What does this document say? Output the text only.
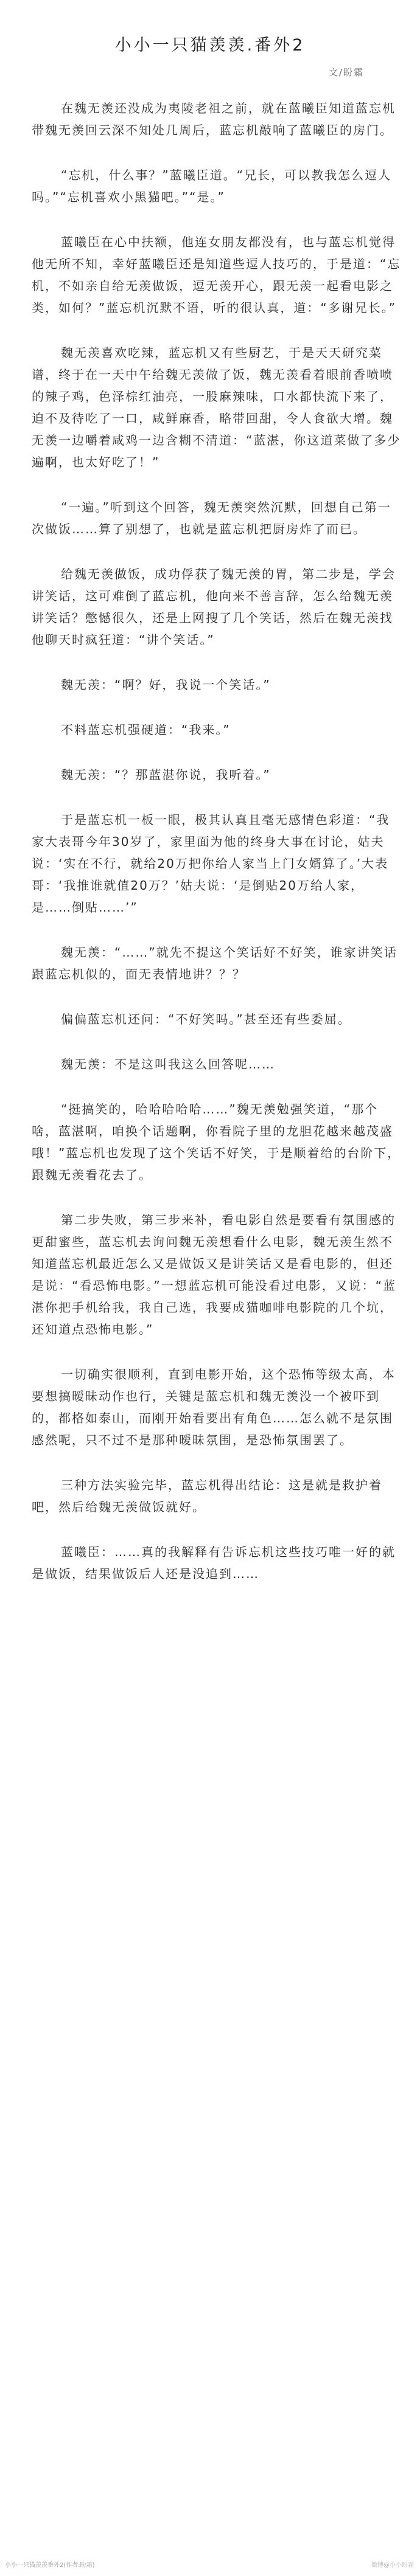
小小一只猫羡羡.番外2
文/盼霜

在魏无羡还没成为夷陵老祖之前，就在蓝曦臣知道蓝忘机带魏无羡回云深不知处几周后，蓝忘机敲响了蓝曦臣的房门。

“忘机，什么事？”蓝曦臣道。“兄长，可以教我怎么逗人吗。”“忘机喜欢小黑猫吧。”“是。”

蓝曦臣在心中扶额，他连女朋友都没有，也与蓝忘机觉得他无所不知，幸好蓝曦臣还是知道些逗人技巧的，于是道：“忘机，不如亲自给无羡做饭，逗无羡开心，跟无羡一起看电影之类，如何？”蓝忘机沉默不语，听的很认真，道：“多谢兄长。”

魏无羡喜欢吃辣，蓝忘机又有些厨艺，于是天天研究菜谱，终于在一天中午给魏无羡做了饭，魏无羡看着眼前香喷喷的辣子鸡，色泽棕红油亮，一股麻辣味，口水都快流下来了，迫不及待吃了一口，咸鲜麻香，略带回甜，令人食欲大增。魏无羡一边嚼着咸鸡一边含糊不清道：“蓝湛，你这道菜做了多少遍啊，也太好吃了！”

“一遍。”听到这个回答，魏无羡突然沉默，回想自己第一次做饭……算了别想了，也就是蓝忘机把厨房炸了而已。

给魏无羡做饭，成功俘获了魏无羡的胃，第二步是，学会讲笑话，这可难倒了蓝忘机，他向来不善言辞，怎么给魏无羡讲笑话？憋憾很久，还是上网搜了几个笑话，然后在魏无羡找他聊天时疯狂道：“讲个笑话。”

魏无羡：“啊？好，我说一个笑话。”

不料蓝忘机强硬道：“我来。”

魏无羡：“？那蓝湛你说，我听着。”

于是蓝忘机一板一眼，极其认真且毫无感情色彩道：“我家大表哥今年30岁了，家里面为他的终身大事在讨论，姑夫说：‘实在不行，就给20万把你给人家当上门女婿算了。’大表哥：‘我推谁就值20万？’姑夫说：‘是倒贴20万给人家，是……倒贴……’”

魏无羡：“……”就先不提这个笑话好不好笑，谁家讲笑话跟蓝忘机似的，面无表情地讲？？？

偏偏蓝忘机还问：“不好笑吗。”甚至还有些委屈。

魏无羡：不是这叫我这么回答呢……

“挺搞笑的，哈哈哈哈哈……”魏无羡勉强笑道，“那个啥，蓝湛啊，咱换个话题啊，你看院子里的龙胆花越来越茂盛哦！”蓝忘机也发现了这个笑话不好笑，于是顺着给的台阶下，跟魏无羡看花去了。

第二步失败，第三步来补，看电影自然是要看有氛围感的更甜蜜些，蓝忘机去询问魏无羡想看什么电影，魏无羡生然不知道蓝忘机最近怎么又是做饭又是讲笑话又是看电影的，但还是说：“看恐怖电影。”一想蓝忘机可能没看过电影，又说：“蓝湛你把手机给我，我自己选，我要成猫咖啡电影院的几个坑，还知道点恐怖电影。”

一切确实很顺利，直到电影开始，这个恐怖等级太高，本要想搞暧昧动作也行，关键是蓝忘机和魏无羡没一个被吓到的，都格如泰山，而刚开始看要出有角色……怎么就不是氛围感然呢，只不过不是那种暧昧氛围，是恐怖氛围罢了。

三种方法实验完毕，蓝忘机得出结论：这是就是救护着吧，然后给魏无羡做饭就好。

蓝曦臣：……真的我解释有告诉忘机这些技巧唯一好的就是做饭，结果做饭后人还是没追到……

小小一只猫羡羡番外2(作者:盼霜)	微博@小小盼霜
